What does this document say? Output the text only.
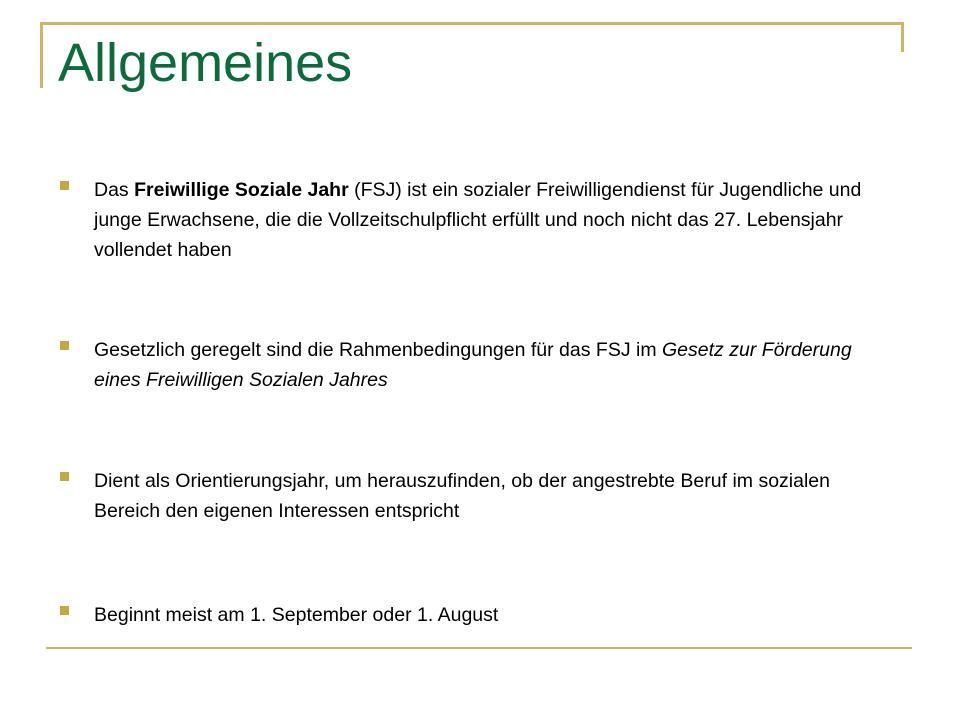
Allgemeines
Das Freiwillige Soziale Jahr (FSJ) ist ein sozialer Freiwilligendienst für Jugendliche und junge Erwachsene, die die Vollzeitschulpflicht erfüllt und noch nicht das 27. Lebensjahr vollendet haben
Gesetzlich geregelt sind die Rahmenbedingungen für das FSJ im Gesetz zur Förderung eines Freiwilligen Sozialen Jahres
Dient als Orientierungsjahr, um herauszufinden, ob der angestrebte Beruf im sozialen Bereich den eigenen Interessen entspricht
Beginnt meist am 1. September oder 1. August
